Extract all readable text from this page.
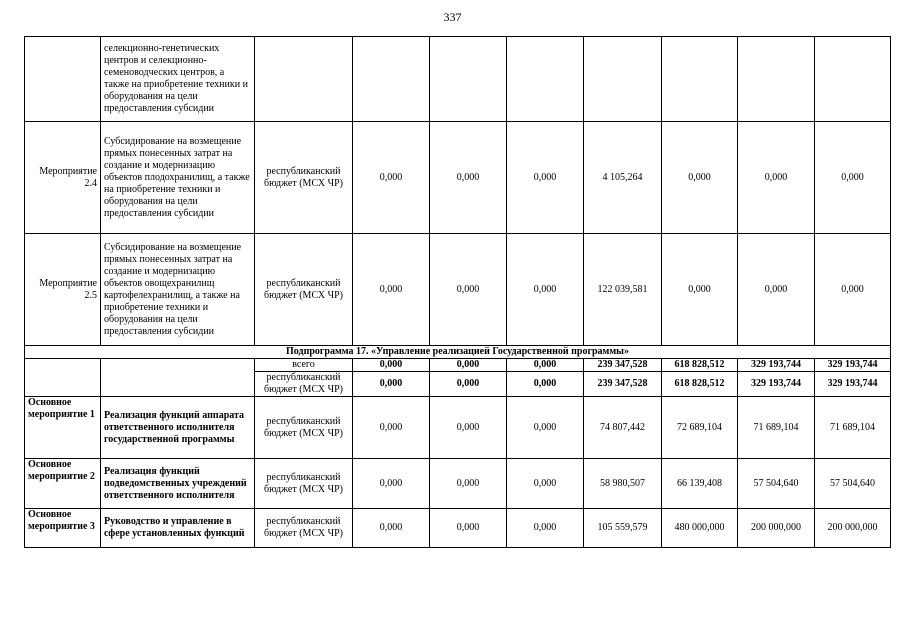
337
	селекционно-генетических центров и селекционно-семеноводческих центров, а также на приобретение техники и оборудования на цели предоставления субсидии								
Мероприятие 2.4	Субсидирование на возмещение прямых понесенных затрат на создание и модернизацию объектов плодохранилищ, а также на приобретение техники и оборудования на цели предоставления субсидии	республиканский бюджет (МСХ ЧР)	0,000	0,000	0,000	4 105,264	0,000	0,000	0,000
Мероприятие 2.5	Субсидирование на возмещение прямых понесенных затрат на создание и модернизацию объектов овощехранилищ картофелехранилищ, а также на приобретение техники и оборудования на цели предоставления субсидии	республиканский бюджет (МСХ ЧР)	0,000	0,000	0,000	122 039,581	0,000	0,000	0,000
Подпрограмма 17. «Управление реализацией Государственной программы»									
		всего	0,000	0,000	0,000	239 347,528	618 828,512	329 193,744	329 193,744
		республиканский бюджет (МСХ ЧР)	0,000	0,000	0,000	239 347,528	618 828,512	329 193,744	329 193,744
Основное мероприятие 1	Реализация функций аппарата ответственного исполнителя государственной программы	республиканский бюджет (МСХ ЧР)	0,000	0,000	0,000	74 807,442	72 689,104	71 689,104	71 689,104
Основное мероприятие 2	Реализация функций подведомственных учреждений ответственного исполнителя	республиканский бюджет (МСХ ЧР)	0,000	0,000	0,000	58 980,507	66 139,408	57 504,640	57 504,640
Основное мероприятие 3	Руководство и управление в сфере установленных функций	республиканский бюджет (МСХ ЧР)	0,000	0,000	0,000	105 559,579	480 000,000	200 000,000	200 000,000
